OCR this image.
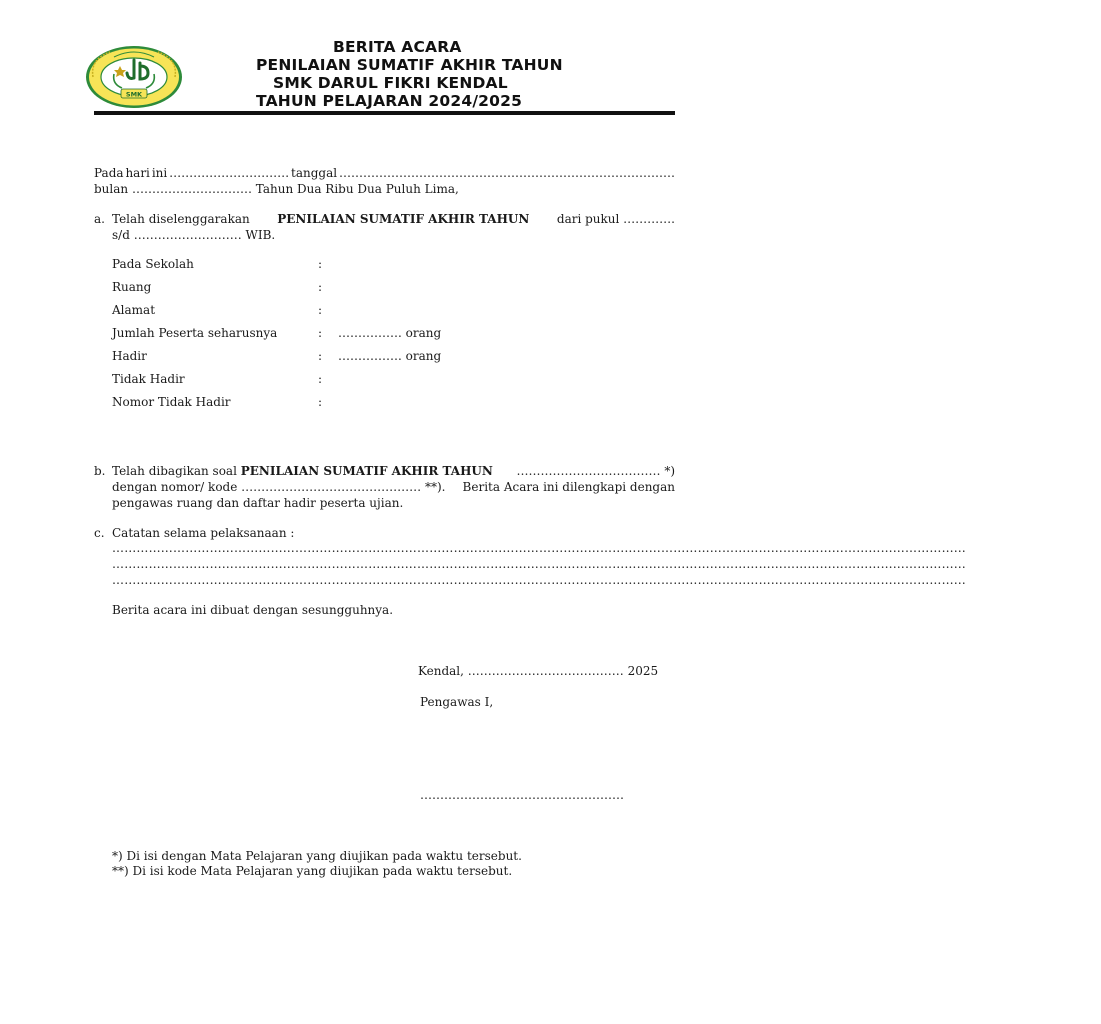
SMK
BERITA ACARA
PENILAIAN SUMATIF AKHIR TAHUN
SMK DARUL FIKRI KENDAL
TAHUN PELAJARAN 2024/2025
Pada hari ini ………………………… tanggal …………………………………………………………………………
bulan ………………………… Tahun Dua Ribu Dua Puluh Lima,
a. Telah diselenggarakan PENILAIAN SUMATIF AKHIR TAHUN dari pukul ………….
s/d ……………………… WIB.
Pada Sekolah	:
Ruang	:
Alamat	:
Jumlah Peserta seharusnya	: ……………. orang
Hadir	: ……………. orang
Tidak Hadir	:
Nomor Tidak Hadir	:
b. Telah dibagikan soal PENILAIAN SUMATIF AKHIR TAHUN ……………………………… *)
dengan nomor/ kode ……………………………………… **). Berita Acara ini dilengkapi dengan
pengawas ruang dan daftar hadir peserta ujian.
c. Catatan selama pelaksanaan :
…………………………………………………………………………………………………………………………………………………………………………………………
…………………………………………………………………………………………………………………………………………………………………………………………
…………………………………………………………………………………………………………………………………………………………………………………………
Berita acara ini dibuat dengan sesungguhnya.
Kendal, ………………………………… 2025
Pengawas I,
……………………………………………
*) Di isi dengan Mata Pelajaran yang diujikan pada waktu tersebut.
**) Di isi kode Mata Pelajaran yang diujikan pada waktu tersebut.
